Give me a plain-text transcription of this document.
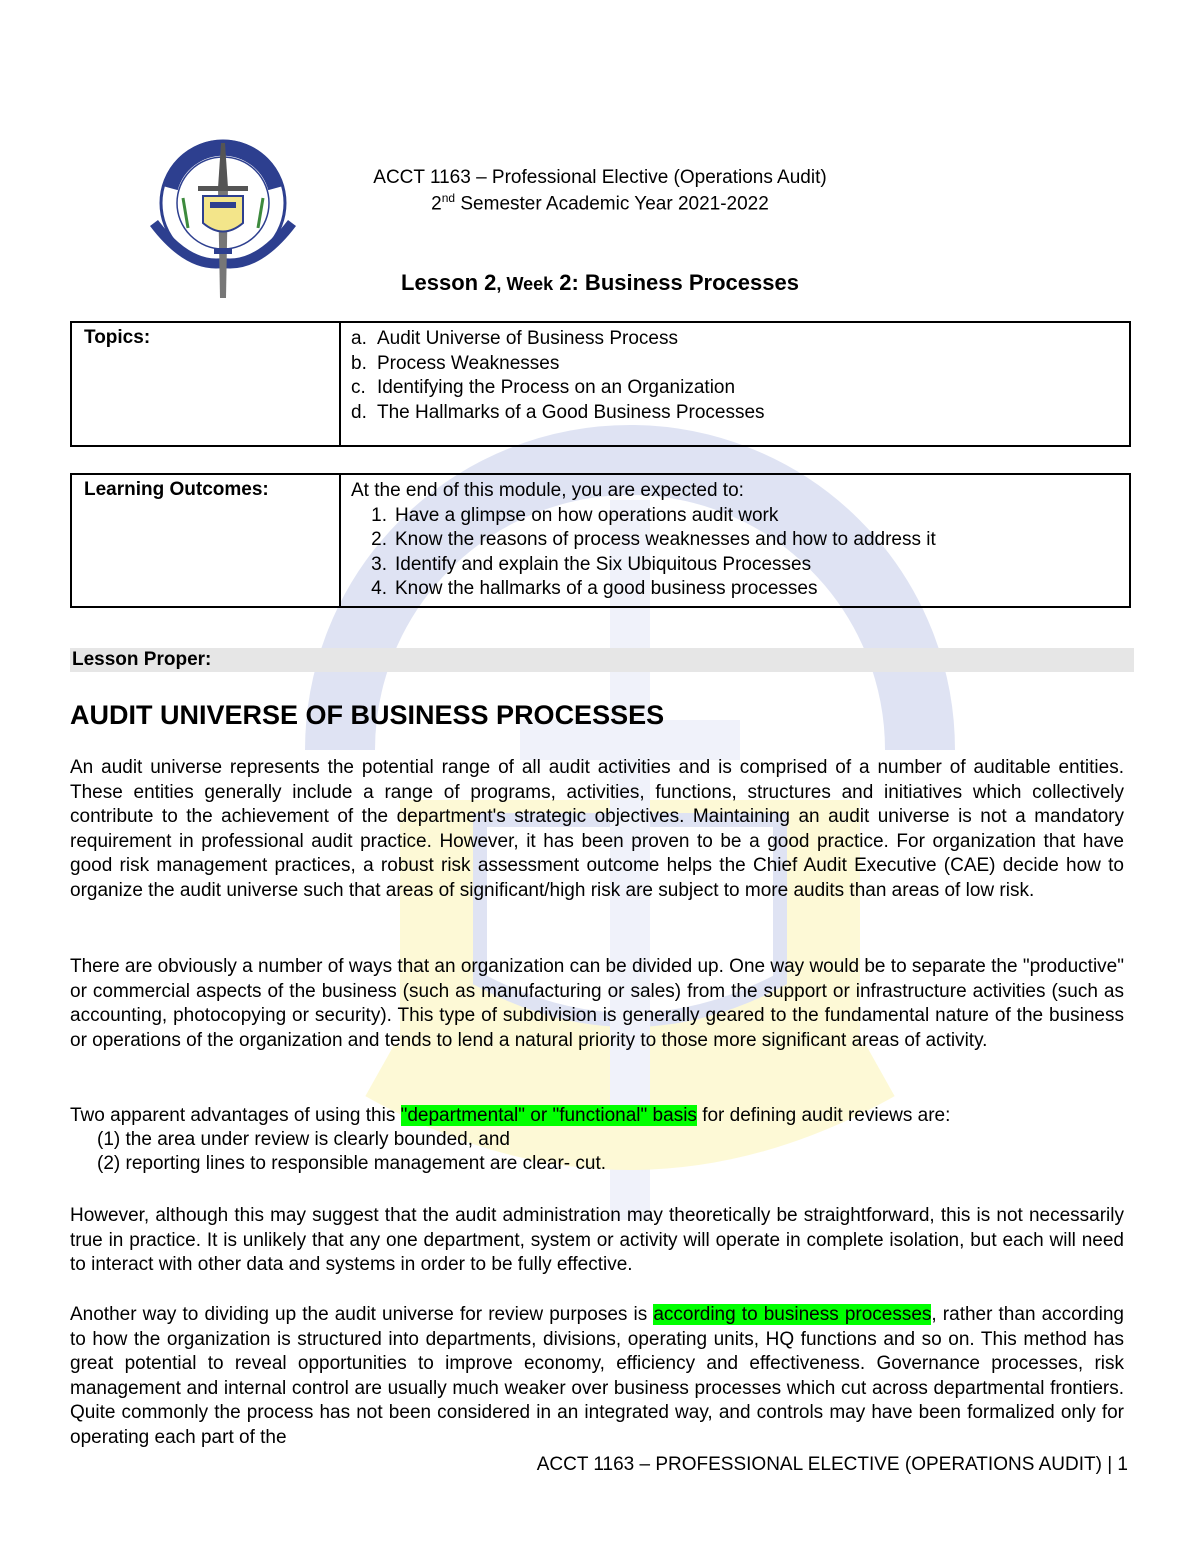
ACCT 1163 – Professional Elective (Operations Audit)
2nd Semester Academic Year 2021-2022
Lesson 2, Week 2: Business Processes
Topics:	a. Audit Universe of Business Process
b. Process Weaknesses
c. Identifying the Process on an Organization
d. The Hallmarks of a Good Business Processes
Learning Outcomes:	At the end of this module, you are expected to:
1. Have a glimpse on how operations audit work
2. Know the reasons of process weaknesses and how to address it
3. Identify and explain the Six Ubiquitous Processes
4. Know the hallmarks of a good business processes
Lesson Proper:
AUDIT UNIVERSE OF BUSINESS PROCESSES
An audit universe represents the potential range of all audit activities and is comprised of a number of auditable entities. These entities generally include a range of programs, activities, functions, structures and initiatives which collectively contribute to the achievement of the department's strategic objectives. Maintaining an audit universe is not a mandatory requirement in professional audit practice. However, it has been proven to be a good practice. For organization that have good risk management practices, a robust risk assessment outcome helps the Chief Audit Executive (CAE) decide how to organize the audit universe such that areas of significant/high risk are subject to more audits than areas of low risk.
There are obviously a number of ways that an organization can be divided up. One way would be to separate the "productive" or commercial aspects of the business (such as manufacturing or sales) from the support or infrastructure activities (such as accounting, photocopying or security). This type of subdivision is generally geared to the fundamental nature of the business or operations of the organization and tends to lend a natural priority to those more significant areas of activity.
Two apparent advantages of using this "departmental" or "functional" basis for defining audit reviews are:
(1) the area under review is clearly bounded, and
(2) reporting lines to responsible management are clear- cut.
However, although this may suggest that the audit administration may theoretically be straightforward, this is not necessarily true in practice. It is unlikely that any one department, system or activity will operate in complete isolation, but each will need to interact with other data and systems in order to be fully effective.
Another way to dividing up the audit universe for review purposes is according to business processes, rather than according to how the organization is structured into departments, divisions, operating units, HQ functions and so on. This method has great potential to reveal opportunities to improve economy, efficiency and effectiveness. Governance processes, risk management and internal control are usually much weaker over business processes which cut across departmental frontiers. Quite commonly the process has not been considered in an integrated way, and controls may have been formalized only for operating each part of the
ACCT 1163 – PROFESSIONAL ELECTIVE (OPERATIONS AUDIT) | 1
